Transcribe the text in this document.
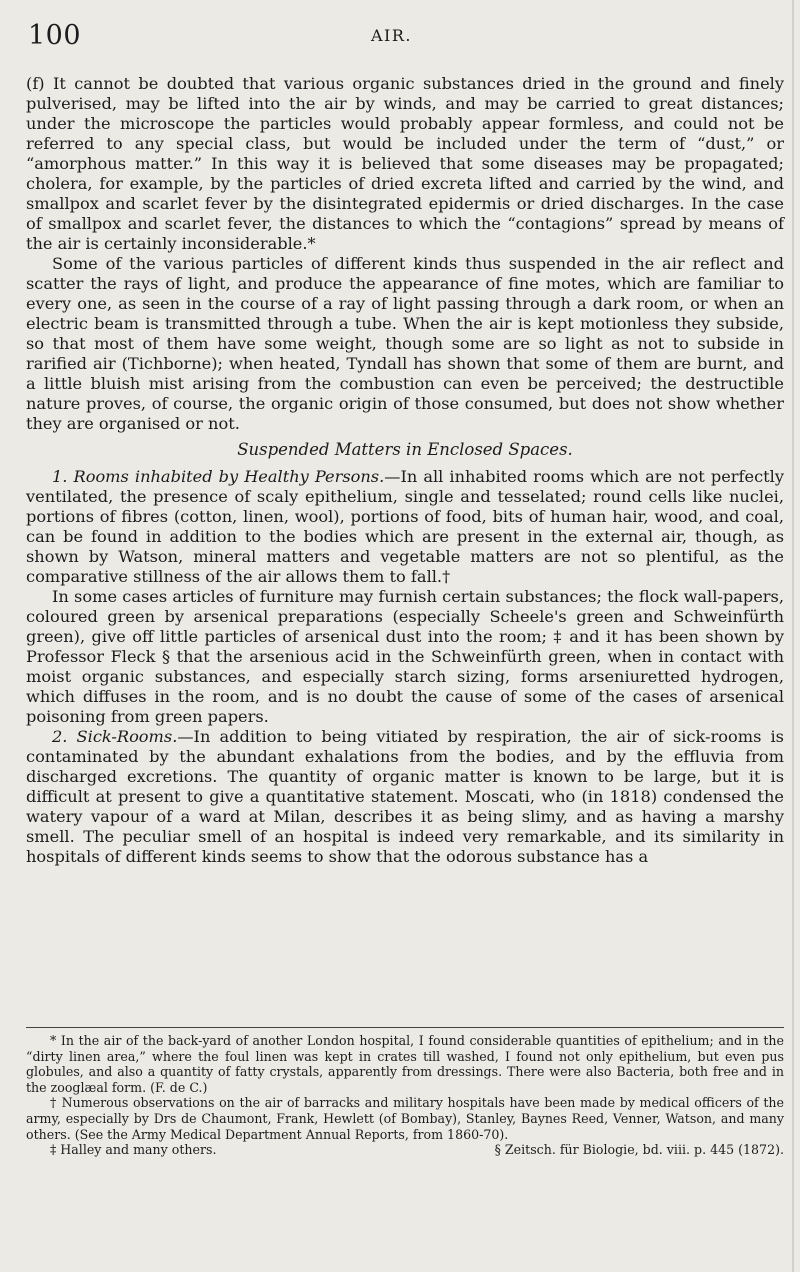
100	AIR.

(f) It cannot be doubted that various organic substances dried in the ground and finely pulverised, may be lifted into the air by winds, and may be carried to great distances; under the microscope the particles would probably appear formless, and could not be referred to any special class, but would be included under the term of “dust,” or “amorphous matter.” In this way it is believed that some diseases may be propagated; cholera, for example, by the particles of dried excreta lifted and carried by the wind, and smallpox and scarlet fever by the disintegrated epidermis or dried discharges. In the case of smallpox and scarlet fever, the distances to which the “contagions” spread by means of the air is certainly inconsiderable.*

Some of the various particles of different kinds thus suspended in the air reflect and scatter the rays of light, and produce the appearance of fine motes, which are familiar to every one, as seen in the course of a ray of light passing through a dark room, or when an electric beam is transmitted through a tube. When the air is kept motionless they subside, so that most of them have some weight, though some are so light as not to subside in rarified air (Tichborne); when heated, Tyndall has shown that some of them are burnt, and a little bluish mist arising from the combustion can even be perceived; the destructible nature proves, of course, the organic origin of those consumed, but does not show whether they are organised or not.

Suspended Matters in Enclosed Spaces.

1. Rooms inhabited by Healthy Persons.—In all inhabited rooms which are not perfectly ventilated, the presence of scaly epithelium, single and tesselated; round cells like nuclei, portions of fibres (cotton, linen, wool), portions of food, bits of human hair, wood, and coal, can be found in addition to the bodies which are present in the external air, though, as shown by Watson, mineral matters and vegetable matters are not so plentiful, as the comparative stillness of the air allows them to fall.†

In some cases articles of furniture may furnish certain substances; the flock wall-papers, coloured green by arsenical preparations (especially Scheele's green and Schweinfürth green), give off little particles of arsenical dust into the room; ‡ and it has been shown by Professor Fleck § that the arsenious acid in the Schweinfürth green, when in contact with moist organic substances, and especially starch sizing, forms arseniuretted hydrogen, which diffuses in the room, and is no doubt the cause of some of the cases of arsenical poisoning from green papers.

2. Sick-Rooms.—In addition to being vitiated by respiration, the air of sick-rooms is contaminated by the abundant exhalations from the bodies, and by the effluvia from discharged excretions. The quantity of organic matter is known to be large, but it is difficult at present to give a quantitative statement. Moscati, who (in 1818) condensed the watery vapour of a ward at Milan, describes it as being slimy, and as having a marshy smell. The peculiar smell of an hospital is indeed very remarkable, and its similarity in hospitals of different kinds seems to show that the odorous substance has a

* In the air of the back-yard of another London hospital, I found considerable quantities of epithelium; and in the “dirty linen area,” where the foul linen was kept in crates till washed, I found not only epithelium, but even pus globules, and also a quantity of fatty crystals, apparently from dressings. There were also Bacteria, both free and in the zooglæal form. (F. de C.)

† Numerous observations on the air of barracks and military hospitals have been made by medical officers of the army, especially by Drs de Chaumont, Frank, Hewlett (of Bombay), Stanley, Baynes Reed, Venner, Watson, and many others. (See the Army Medical Department Annual Reports, from 1860-70).

‡ Halley and many others.	§ Zeitsch. für Biologie, bd. viii. p. 445 (1872).
